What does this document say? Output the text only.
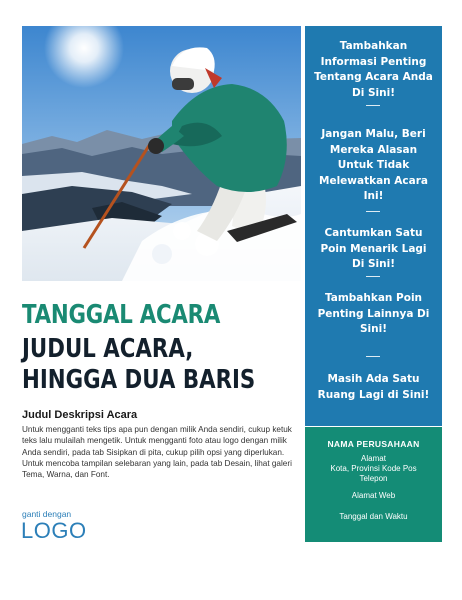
Tambahkan Informasi Penting Tentang Acara Anda Di Sini!
Jangan Malu, Beri Mereka Alasan Untuk Tidak Melewatkan Acara Ini!
Cantumkan Satu Poin Menarik Lagi Di Sini!
Tambahkan Poin Penting Lainnya Di Sini!
Masih Ada Satu Ruang Lagi di Sini!
NAMA PERUSAHAAN
Alamat
Kota, Provinsi Kode Pos
Telepon
Alamat Web
Tanggal dan Waktu
TANGGAL ACARA
JUDUL ACARA,
HINGGA DUA BARIS
Judul Deskripsi Acara
Untuk mengganti teks tips apa pun dengan milik Anda sendiri, cukup ketuk teks lalu mulailah mengetik. Untuk mengganti foto atau logo dengan milik Anda sendiri, pada tab Sisipkan di pita, cukup pilih opsi yang diperlukan. Untuk mencoba tampilan selebaran yang lain, pada tab Desain, lihat galeri Tema, Warna, dan Font.
ganti dengan
LOGO
